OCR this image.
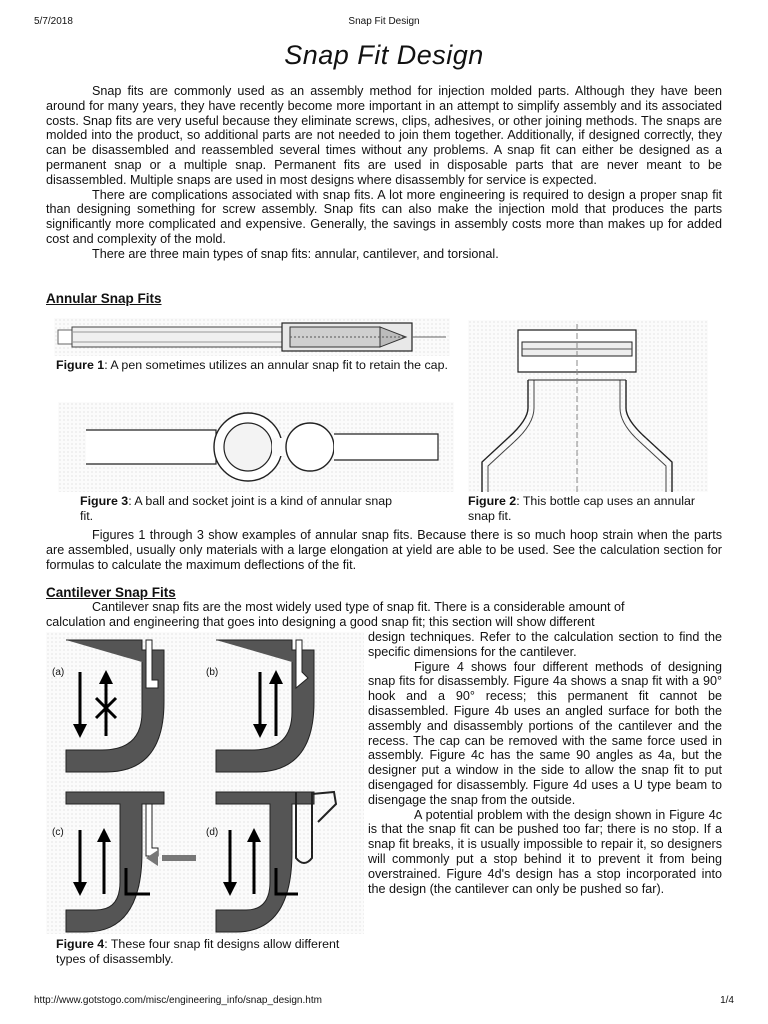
5/7/2018	Snap Fit Design
Snap Fit Design

Snap fits are commonly used as an assembly method for injection molded parts. Although they have been around for many years, they have recently become more important in an attempt to simplify assembly and its associated costs. Snap fits are very useful because they eliminate screws, clips, adhesives, or other joining methods. The snaps are molded into the product, so additional parts are not needed to join them together. Additionally, if designed correctly, they can be disassembled and reassembled several times without any problems. A snap fit can either be designed as a permanent snap or a multiple snap. Permanent fits are used in disposable parts that are never meant to be disassembled. Multiple snaps are used in most designs where disassembly for service is expected.

There are complications associated with snap fits. A lot more engineering is required to design a proper snap fit than designing something for screw assembly. Snap fits can also make the injection mold that produces the parts significantly more complicated and expensive. Generally, the savings in assembly costs more than makes up for added cost and complexity of the mold.

There are three main types of snap fits: annular, cantilever, and torsional.

Annular Snap Fits
Figure 1: A pen sometimes utilizes an annular snap fit to retain the cap.
Figure 2: This bottle cap uses an annular snap fit.
Figure 3: A ball and socket joint is a kind of annular snap fit.

Figures 1 through 3 show examples of annular snap fits. Because there is so much hoop strain when the parts are assembled, usually only materials with a large elongation at yield are able to be used. See the calculation section for formulas to calculate the maximum deflections of the fit.

Cantilever Snap Fits
Cantilever snap fits are the most widely used type of snap fit. There is a considerable amount of
calculation and engineering that goes into designing a good snap fit; this section will show different
(a)	(b)
(c)	(d)
Figure 4: These four snap fit designs allow different types of disassembly.

design techniques. Refer to the calculation section to find the specific dimensions for the cantilever.

Figure 4 shows four different methods of designing snap fits for disassembly. Figure 4a shows a snap fit with a 90° hook and a 90° recess; this permanent fit cannot be disassembled. Figure 4b uses an angled surface for both the assembly and disassembly portions of the cantilever and the recess. The cap can be removed with the same force used in assembly. Figure 4c has the same 90 angles as 4a, but the designer put a window in the side to allow the snap fit to put disengaged for disassembly. Figure 4d uses a U type beam to disengage the snap from the outside.

A potential problem with the design shown in Figure 4c is that the snap fit can be pushed too far; there is no stop. If a snap fit breaks, it is usually impossible to repair it, so designers will commonly put a stop behind it to prevent it from being overstrained. Figure 4d's design has a stop incorporated into the design (the cantilever can only be pushed so far).

http://www.gotstogo.com/misc/engineering_info/snap_design.htm	1/4
